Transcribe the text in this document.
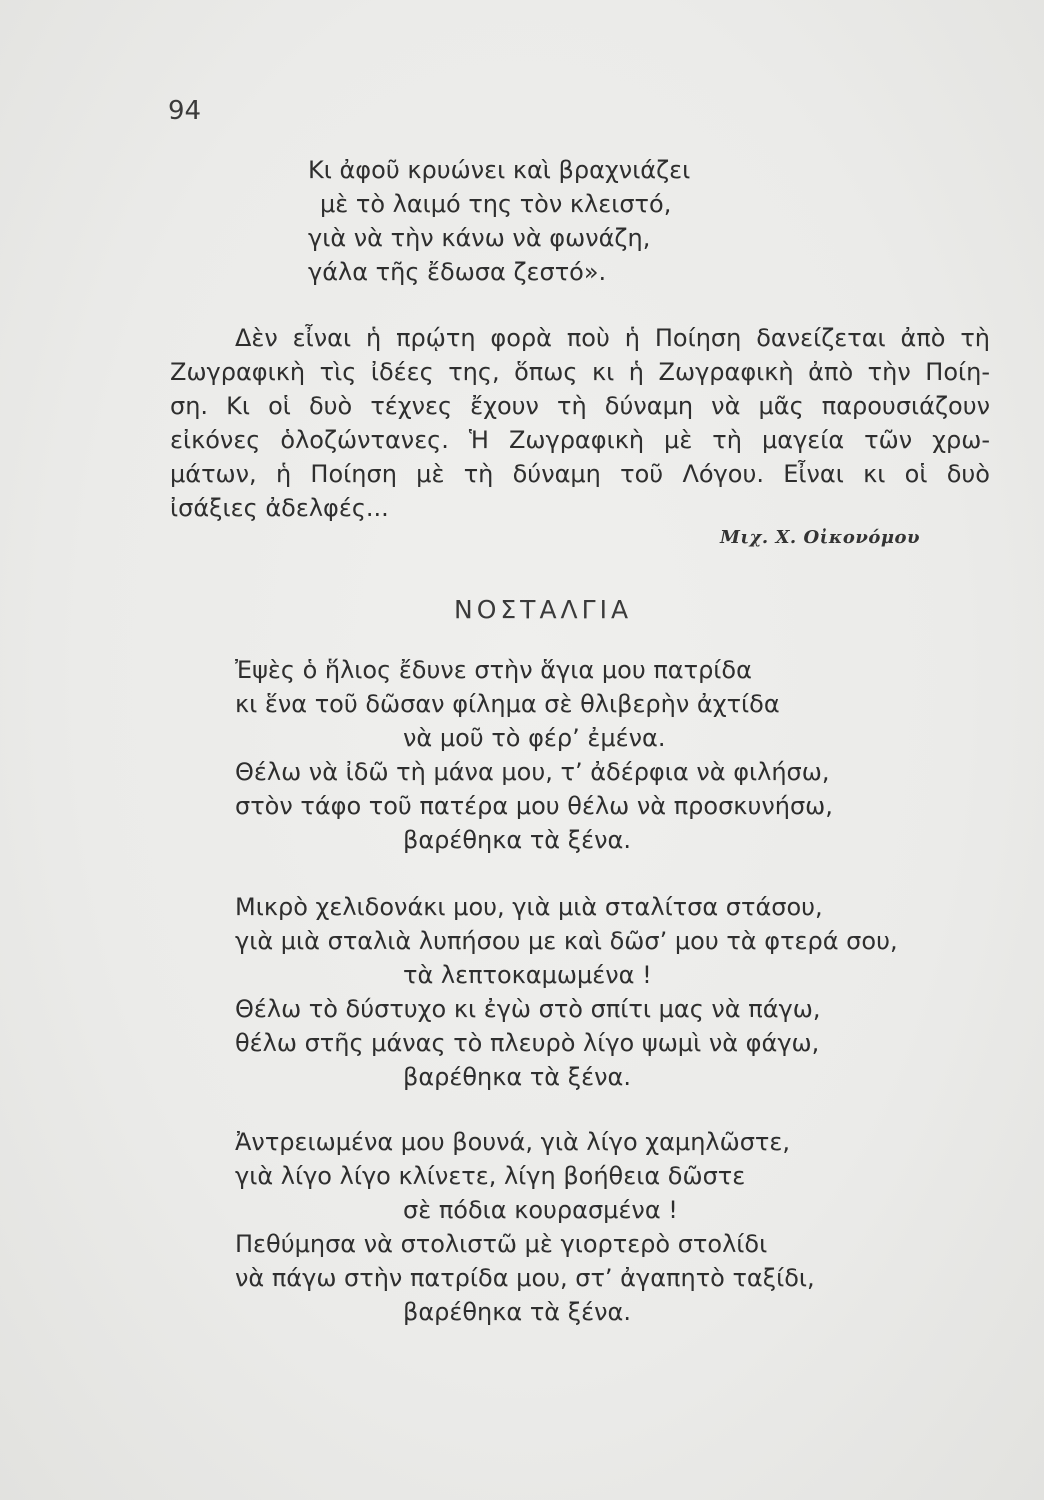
94
Κι ἀφοῦ κρυώνει καὶ βραχνιάζει
μὲ τὸ λαιμό της τὸν κλειστό,
γιὰ νὰ τὴν κάνω νὰ φωνάζη,
γάλα τῆς ἔδωσα ζεστό».
Δὲν εἶναι ἡ πρῴτη φορὰ ποὺ ἡ Ποίηση δανείζεται ἀπὸ τὴ
Ζωγραφικὴ τὶς ἰδέες της, ὅπως κι ἡ Ζωγραφικὴ ἀπὸ τὴν Ποίη-
ση. Κι οἱ δυὸ τέχνες ἔχουν τὴ δύναμη νὰ μᾶς παρουσιάζουν
εἰκόνες ὁλοζώντανες. Ἡ Ζωγραφικὴ μὲ τὴ μαγεία τῶν χρω-
μάτων, ἡ Ποίηση μὲ τὴ δύναμη τοῦ Λόγου. Εἶναι κι οἱ δυὸ
ἰσάξιες ἀδελφές...
Μιχ. Χ. Οἰκονόμου
ΝΟΣΤΑΛΓΙΑ
Ἐψὲς ὁ ἥλιος ἔδυνε στὴν ἅγια μου πατρίδα
κι ἕνα τοῦ δῶσαν φίλημα σὲ θλιβερὴν ἀχτίδα
νὰ μοῦ τὸ φέρ’ ἐμένα.
Θέλω νὰ ἰδῶ τὴ μάνα μου, τ’ ἀδέρφια νὰ φιλήσω,
στὸν τάφο τοῦ πατέρα μου θέλω νὰ προσκυνήσω,
βαρέθηκα τὰ ξένα.
Μικρὸ χελιδονάκι μου, γιὰ μιὰ σταλίτσα στάσου,
γιὰ μιὰ σταλιὰ λυπήσου με καὶ δῶσ’ μου τὰ φτερά σου,
τὰ λεπτοκαμωμένα !
Θέλω τὸ δύστυχο κι ἐγὼ στὸ σπίτι μας νὰ πάγω,
θέλω στῆς μάνας τὸ πλευρὸ λίγο ψωμὶ νὰ φάγω,
βαρέθηκα τὰ ξένα.
Ἀντρειωμένα μου βουνά, γιὰ λίγο χαμηλῶστε,
γιὰ λίγο λίγο κλίνετε, λίγη βοήθεια δῶστε
σὲ πόδια κουρασμένα !
Πεθύμησα νὰ στολιστῶ μὲ γιορτερὸ στολίδι
νὰ πάγω στὴν πατρίδα μου, στ’ ἀγαπητὸ ταξίδι,
βαρέθηκα τὰ ξένα.
